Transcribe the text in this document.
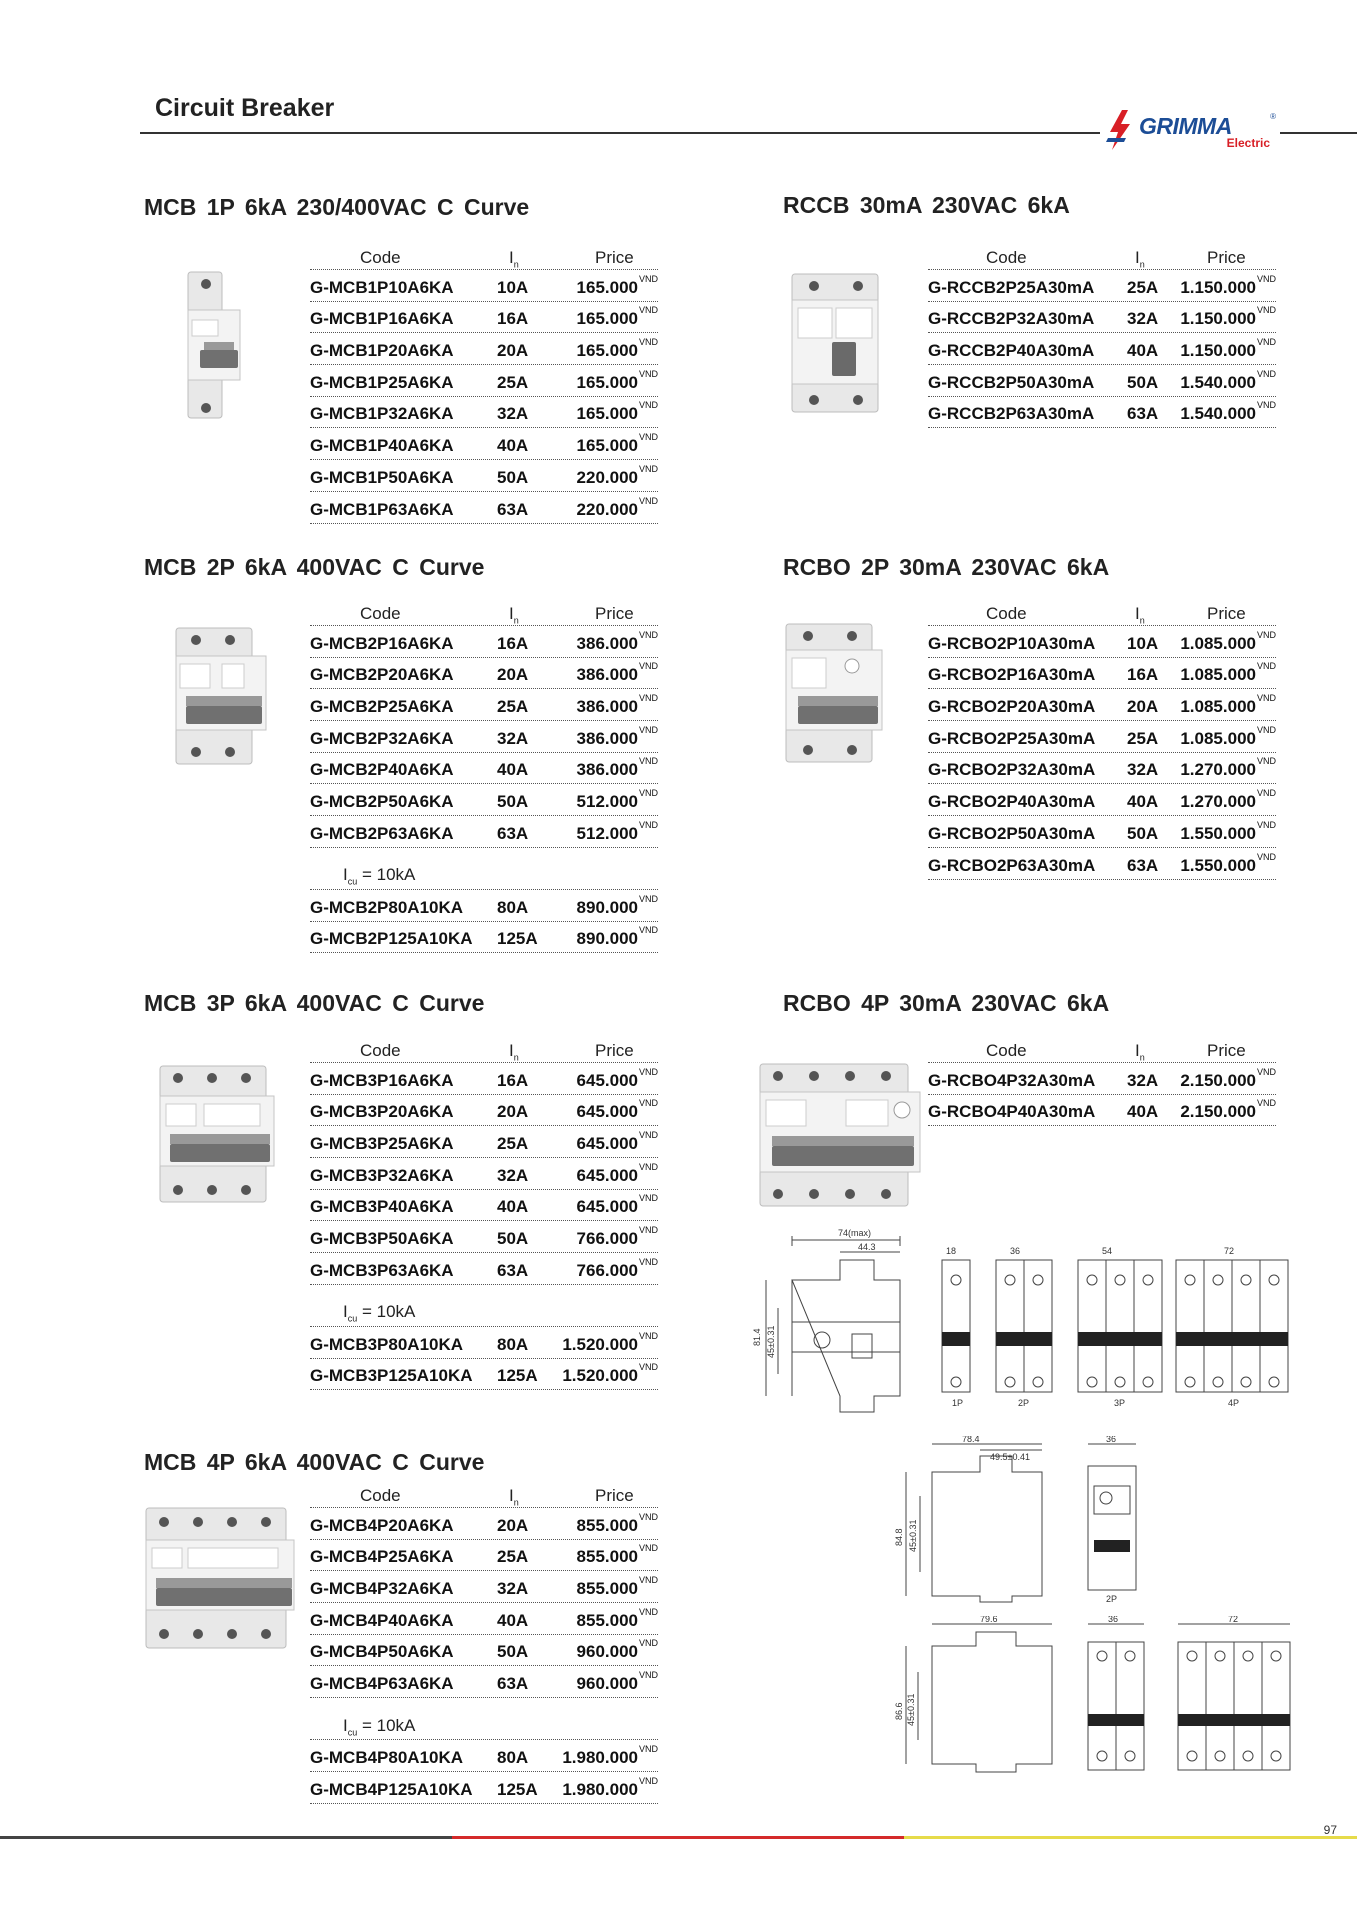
Circuit Breaker
GRIMMA	®
Electric
MCB 1P 6kA 230/400VAC C Curve
Code	$I_n$	Price
G-MCB1P10A6KA	10A	$165.000^{VND}$
G-MCB1P16A6KA	16A	$165.000^{VND}$
G-MCB1P20A6KA	20A	$165.000^{VND}$
G-MCB1P25A6KA	25A	$165.000^{VND}$
G-MCB1P32A6KA	32A	$165.000^{VND}$
G-MCB1P40A6KA	40A	$165.000^{VND}$
G-MCB1P50A6KA	50A	$220.000^{VND}$
G-MCB1P63A6KA	63A	$220.000^{VND}$
MCB 2P 6kA 400VAC C Curve
Code	$I_n$	Price
G-MCB2P16A6KA	16A	$386.000^{VND}$
G-MCB2P20A6KA	20A	$386.000^{VND}$
G-MCB2P25A6KA	25A	$386.000^{VND}$
G-MCB2P32A6KA	32A	$386.000^{VND}$
G-MCB2P40A6KA	40A	$386.000^{VND}$
G-MCB2P50A6KA	50A	$512.000^{VND}$
G-MCB2P63A6KA	63A	$512.000^{VND}$
$I_{cu} = 10kA$
G-MCB2P80A10KA 80A	$890.000^{VND}$
G-MCB2P125A10KA 125A $890.000^{VND}$
MCB 3P 6kA 400VAC C Curve
Code	$I_n$	Price
G-MCB3P16A6KA	16A	$645.000^{VND}$
G-MCB3P20A6KA	20A	$645.000^{VND}$
G-MCB3P25A6KA	25A	$645.000^{VND}$
G-MCB3P32A6KA	32A	$645.000^{VND}$
G-MCB3P40A6KA	40A	$645.000^{VND}$
G-MCB3P50A6KA	50A	$766.000^{VND}$
G-MCB3P63A6KA	63A	$766.000^{VND}$
$I_{cu} = 10kA$
G-MCB3P80A10KA 80A $1.520.000^{VND}$
G-MCB3P125A10KA 125A $1.520.000^{VND}$
MCB 4P 6kA 400VAC C Curve
Code	$I_n$	Price
G-MCB4P20A6KA	20A	$855.000^{VND}$
G-MCB4P25A6KA	25A	$855.000^{VND}$
G-MCB4P32A6KA	32A	$855.000^{VND}$
G-MCB4P40A6KA	40A	$855.000^{VND}$
G-MCB4P50A6KA	50A	$960.000^{VND}$
G-MCB4P63A6KA	63A	$960.000^{VND}$
$I_{cu} = 10kA$
G-MCB4P80A10KA 80A $1.980.000^{VND}$
G-MCB4P125A10KA 125A $1.980.000^{VND}$
RCCB 30mA 230VAC 6kA
Code	$I_n$	Price
G-RCCB2P25A30mA 25A $1.150.000^{VND}$
G-RCCB2P32A30mA 32A $1.150.000^{VND}$
G-RCCB2P40A30mA 40A $1.150.000^{VND}$
G-RCCB2P50A30mA 50A $1.540.000^{VND}$
G-RCCB2P63A30mA 63A $1.540.000^{VND}$
RCBO 2P 30mA 230VAC 6kA
Code	$I_n$	Price
G-RCBO2P10A30mA 10A $1.085.000^{VND}$
G-RCBO2P16A30mA 16A $1.085.000^{VND}$
G-RCBO2P20A30mA 20A $1.085.000^{VND}$
G-RCBO2P25A30mA 25A $1.085.000^{VND}$
G-RCBO2P32A30mA 32A $1.270.000^{VND}$
G-RCBO2P40A30mA 40A $1.270.000^{VND}$
G-RCBO2P50A30mA 50A $1.550.000^{VND}$
G-RCBO2P63A30mA 63A $1.550.000^{VND}$
RCBO 4P 30mA 230VAC 6kA
Code	$I_n$	Price
G-RCBO4P32A30mA 32A $2.150.000^{VND}$
G-RCBO4P40A30mA 40A $2.150.000^{VND}$
74(max)
44.3
81.4 45±0.31
18	36	54	72
1P	2P	3P	4P
78.4
49.5±0.41
84.8 45±0.31
36
2P
79.6
86.6 45±0.31
36	72
97
